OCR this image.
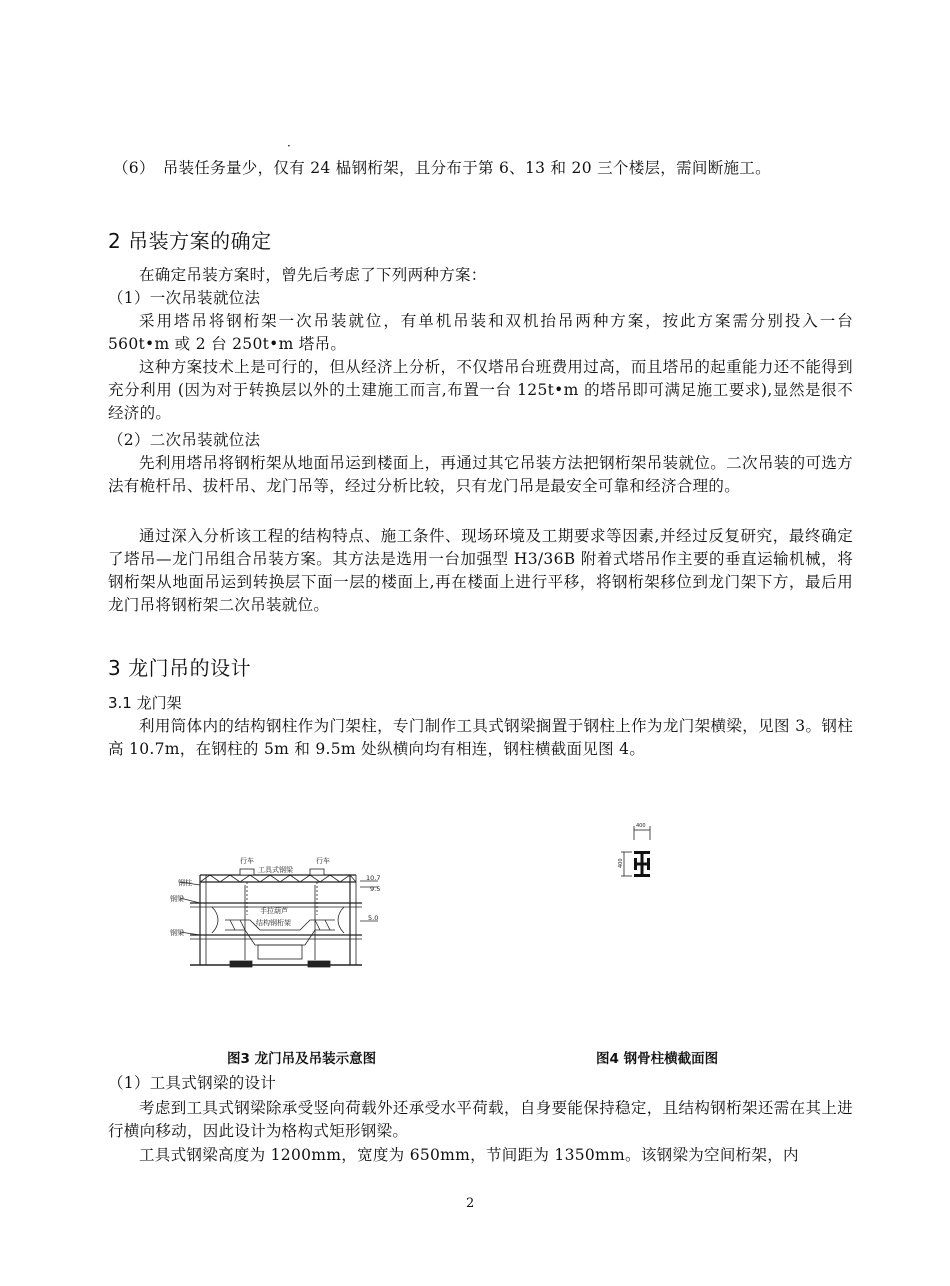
·
（6）　吊装任务量少，仅有 24 榀钢桁架，且分布于第 6、13 和 20 三个楼层，需间断施工。
2 吊装方案的确定
在确定吊装方案时，曾先后考虑了下列两种方案：
（1）一次吊装就位法
采用塔吊将钢桁架一次吊装就位，有单机吊装和双机抬吊两种方案，按此方案需分别投入一台 560t•m 或 2 台 250t•m 塔吊。
这种方案技术上是可行的，但从经济上分析，不仅塔吊台班费用过高，而且塔吊的起重能力还不能得到充分利用 (因为对于转换层以外的土建施工而言,布置一台 125t•m 的塔吊即可满足施工要求),显然是很不经济的。
（2）二次吊装就位法
先利用塔吊将钢桁架从地面吊运到楼面上，再通过其它吊装方法把钢桁架吊装就位。二次吊装的可选方法有桅杆吊、拔杆吊、龙门吊等，经过分析比较，只有龙门吊是最安全可靠和经济合理的。
通过深入分析该工程的结构特点、施工条件、现场环境及工期要求等因素,并经过反复研究，最终确定了塔吊—龙门吊组合吊装方案。其方法是选用一台加强型 H3/36B 附着式塔吊作主要的垂直运输机械，将钢桁架从地面吊运到转换层下面一层的楼面上,再在楼面上进行平移，将钢桁架移位到龙门架下方，最后用龙门吊将钢桁架二次吊装就位。
3 龙门吊的设计
3.1 龙门架
利用筒体内的结构钢柱作为门架柱，专门制作工具式钢梁搁置于钢柱上作为龙门架横梁，见图 3。钢柱高 10.7m，在钢柱的 5m 和 9.5m 处纵横向均有相连，钢柱横截面见图 4。
行车	行车
工具式钢梁
钢柱
钢梁
钢梁
手拉葫芦
结构钢桁架
10.7
9.5
5.0
400
400
图3 龙门吊及吊装示意图	图4 钢骨柱横截面图
（1）工具式钢梁的设计
考虑到工具式钢梁除承受竖向荷载外还承受水平荷载，自身要能保持稳定，且结构钢桁架还需在其上进行横向移动，因此设计为格构式矩形钢梁。
工具式钢梁高度为 1200mm，宽度为 650mm，节间距为 1350mm。该钢梁为空间桁架，内
2
